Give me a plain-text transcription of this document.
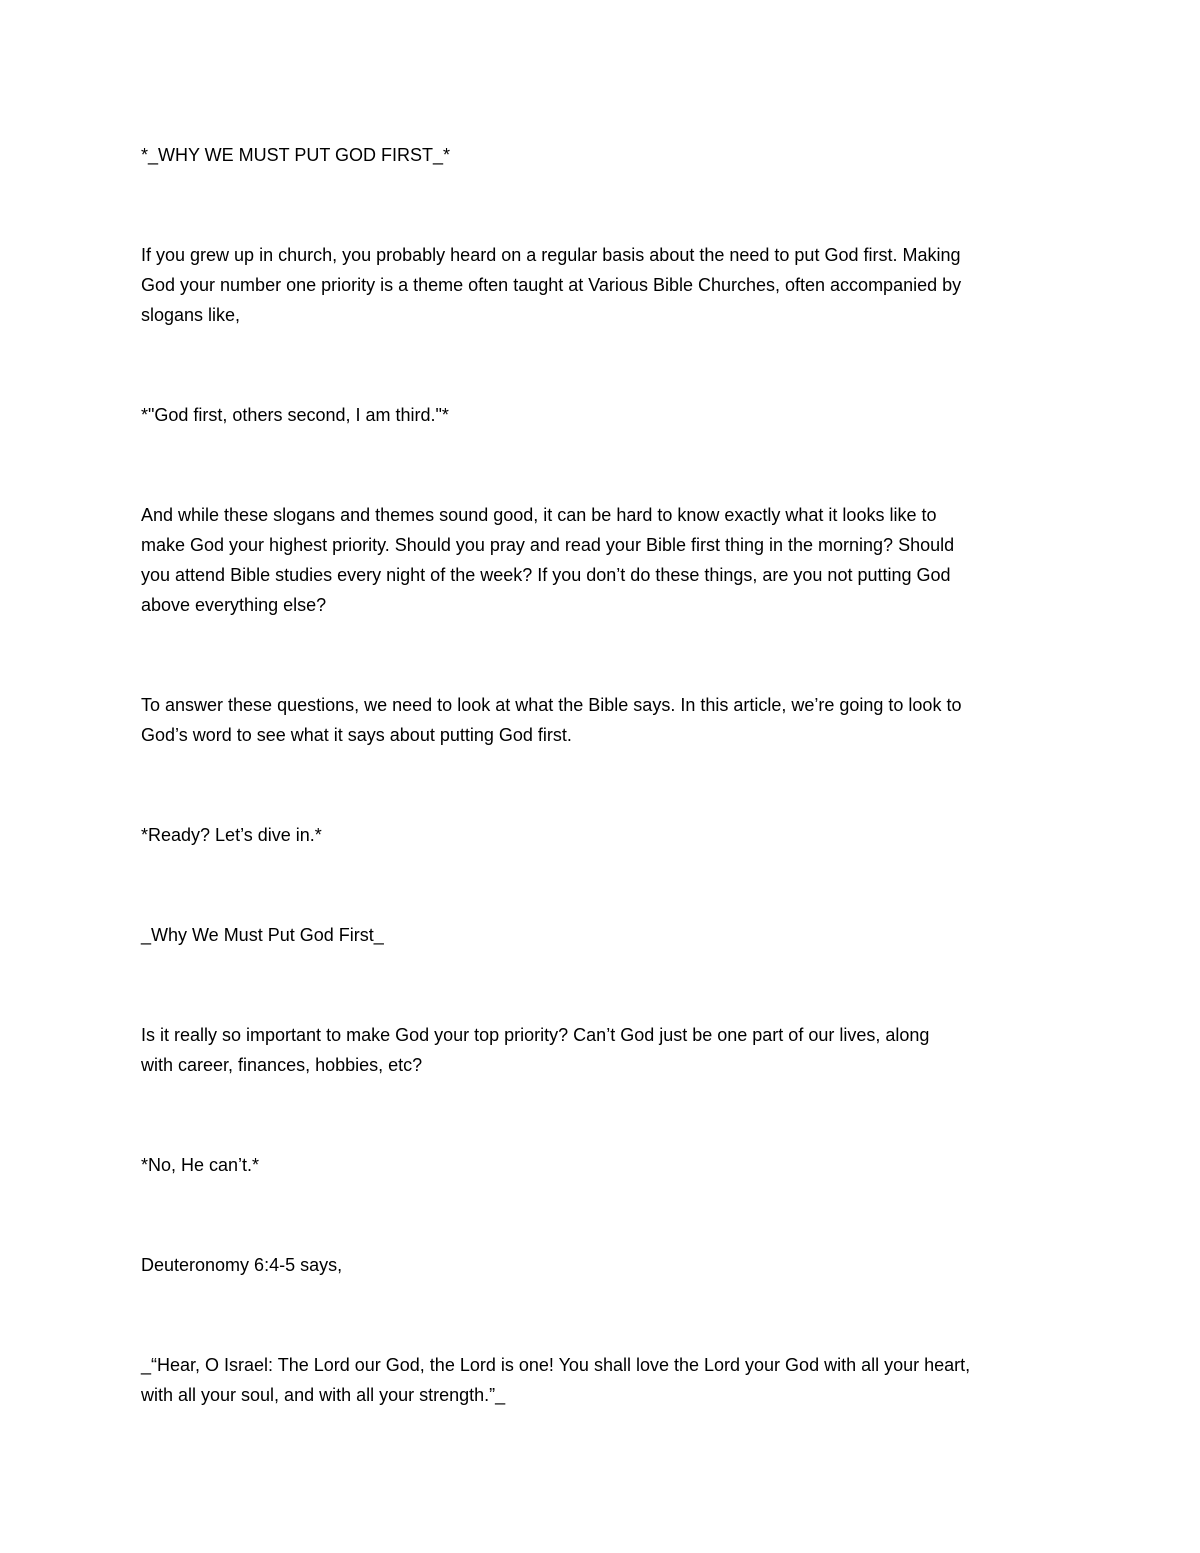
*_WHY WE MUST PUT GOD FIRST_*

If you grew up in church, you probably heard on a regular basis about the need to put God first. Making
God your number one priority is a theme often taught at Various Bible Churches, often accompanied by
slogans like,

*"God first, others second, I am third."*

And while these slogans and themes sound good, it can be hard to know exactly what it looks like to
make God your highest priority. Should you pray and read your Bible first thing in the morning? Should
you attend Bible studies every night of the week? If you don’t do these things, are you not putting God
above everything else?

To answer these questions, we need to look at what the Bible says. In this article, we’re going to look to
God’s word to see what it says about putting God first.

*Ready? Let’s dive in.*

_Why We Must Put God First_

Is it really so important to make God your top priority? Can’t God just be one part of our lives, along
with career, finances, hobbies, etc?

*No, He can’t.*

Deuteronomy 6:4-5 says,

_“Hear, O Israel: The Lord our God, the Lord is one! You shall love the Lord your God with all your heart,
with all your soul, and with all your strength.”_
